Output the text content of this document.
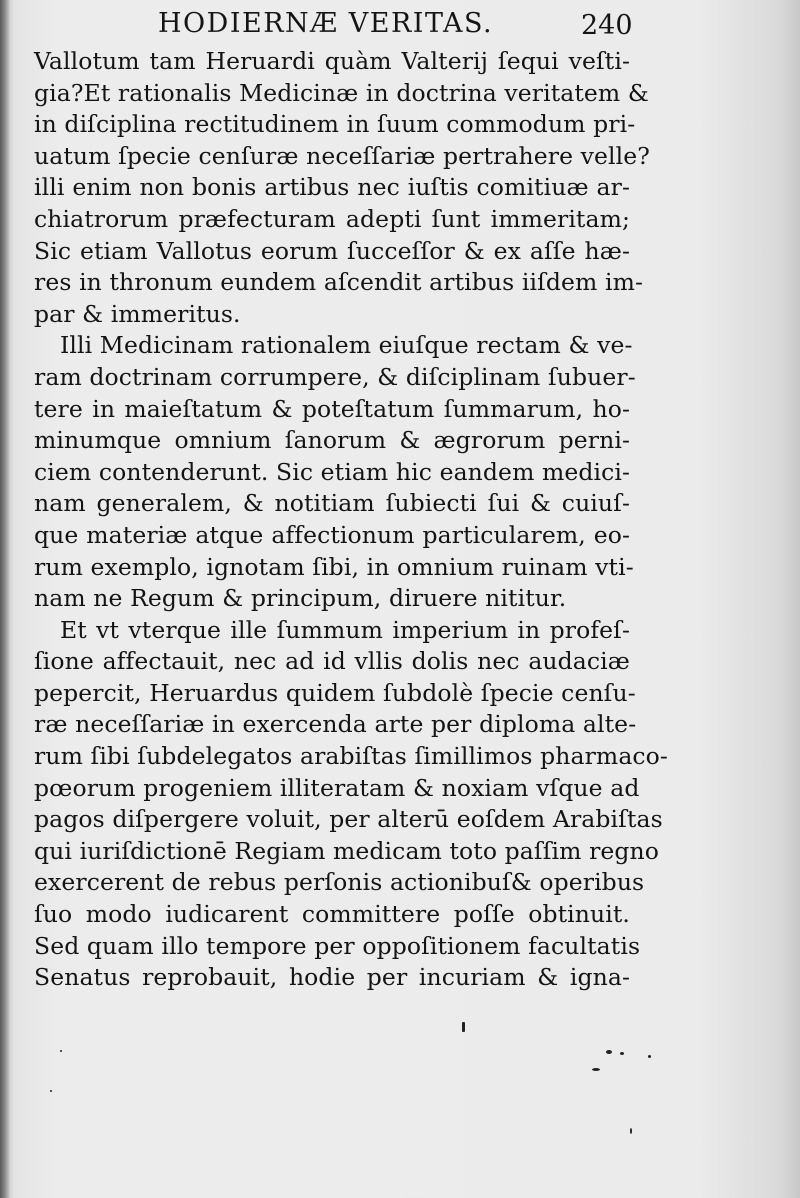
HODIERNÆ VERITAS.	240
Vallotum tam Heruardi quàm Valterij ſequi veſti-
gia?Et rationalis Medicinæ in doctrina veritatem &
in diſciplina rectitudinem in ſuum commodum pri-
uatum ſpecie cenſuræ neceſſariæ pertrahere velle?
illi enim non bonis artibus nec iuſtis comitiuæ ar-
chiatrorum præfecturam adepti ſunt immeritam;
Sic etiam Vallotus eorum ſucceſſor & ex aſſe hæ-
res in thronum eundem aſcendit artibus iiſdem im-
par & immeritus.
Illi Medicinam rationalem eiuſque rectam & ve-
ram doctrinam corrumpere, & diſciplinam ſubuer-
tere in maieſtatum & poteſtatum ſummarum, ho-
minumque omnium ſanorum & ægrorum perni-
ciem contenderunt. Sic etiam hic eandem medici-
nam generalem, & notitiam ſubiecti ſui & cuiuſ-
que materiæ atque affectionum particularem, eo-
rum exemplo, ignotam ſibi, in omnium ruinam vti-
nam ne Regum & principum, diruere nititur.
Et vt vterque ille ſummum imperium in profeſ-
ſione affectauit, nec ad id vllis dolis nec audaciæ
pepercit, Heruardus quidem ſubdolè ſpecie cenſu-
ræ neceſſariæ in exercenda arte per diploma alte-
rum ſibi ſubdelegatos arabiſtas ſimillimos pharmaco-
pœorum progeniem illiteratam & noxiam vſque ad
pagos diſpergere voluit, per alterū eoſdem Arabiſtas
qui iuriſdictionē Regiam medicam toto paſſim regno
exercerent de rebus perſonis actionibuſ& operibus
ſuo modo iudicarent committere poſſe obtinuit.
Sed quam illo tempore per oppoſitionem facultatis
Senatus reprobauit, hodie per incuriam & igna-
